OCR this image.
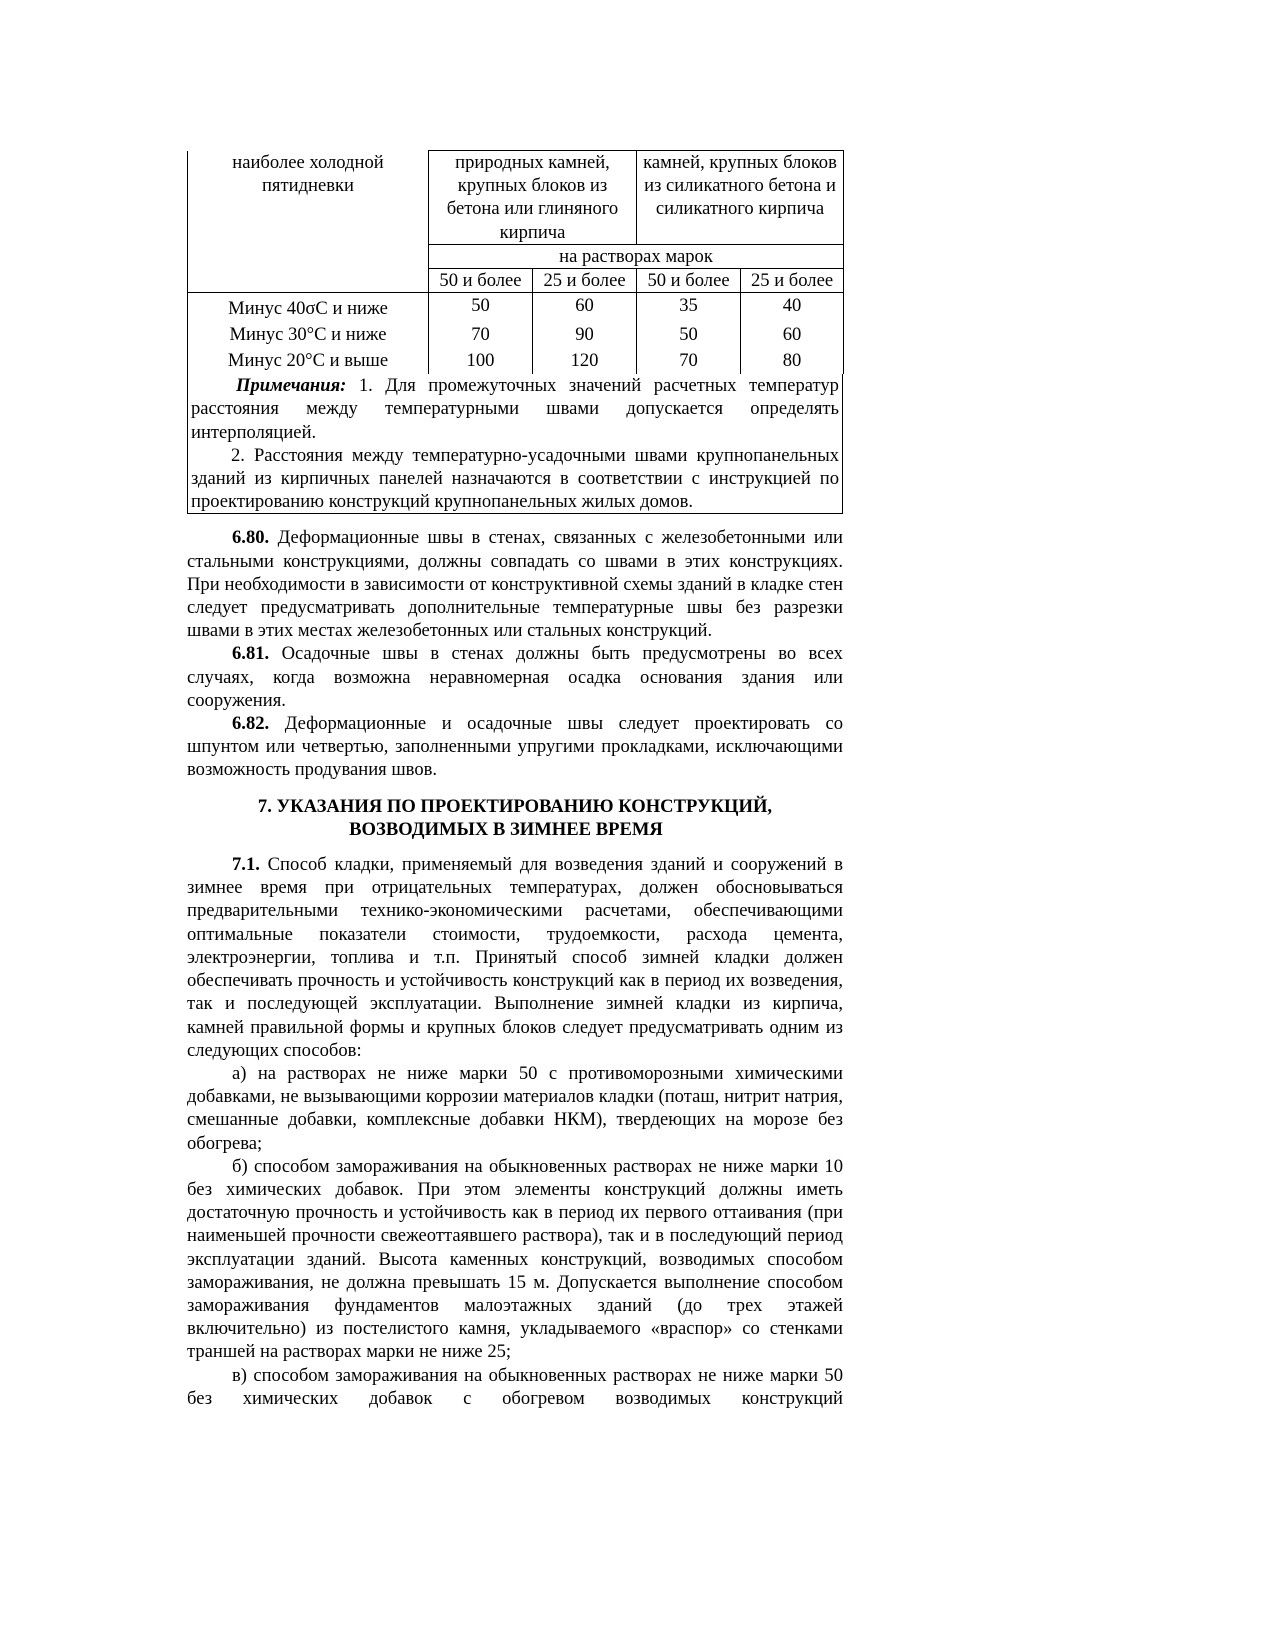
наиболее холодной
пятидневки	природных камней, крупных блоков из бетона или глиняного кирпича		камней, крупных блоков из силикатного бетона и силикатного кирпича	
	на растворах марок			
	50 и более	25 и более	50 и более	25 и более
Минус 40σС и ниже	50	60	35	40
Минус 30°С и ниже	70	90	50	60
Минус 20°С и выше	100	120	70	80

Примечания: 1. Для промежуточных значений расчетных температур расстояния между температурными швами допускается определять интерполяцией.

2. Расстояния между температурно-усадочными швами крупнопанельных зданий из кирпичных панелей назначаются в соответствии с инструкцией по проектированию конструкций крупнопанельных жилых домов.

6.80. Деформационные швы в стенах, связанных с железобетонными или стальными конструкциями, должны совпадать со швами в этих конструкциях. При необходимости в зависимости от конструктивной схемы зданий в кладке стен следует предусматривать дополнительные температурные швы без разрезки швами в этих местах железобетонных или стальных конструкций.

6.81. Осадочные швы в стенах должны быть предусмотрены во всех случаях, когда возможна неравномерная осадка основания здания или сооружения.

6.82. Деформационные и осадочные швы следует проектировать со шпунтом или четвертью, заполненными упругими прокладками, исключающими возможность продувания швов.

7. УКАЗАНИЯ ПО ПРОЕКТИРОВАНИЮ КОНСТРУКЦИЙ,

ВОЗВОДИМЫХ В ЗИМНЕЕ ВРЕМЯ

7.1. Способ кладки, применяемый для возведения зданий и сооружений в зимнее время при отрицательных температурах, должен обосновываться предварительными технико-экономическими расчетами, обеспечивающими оптимальные показатели стоимости, трудоемкости, расхода цемента, электроэнергии, топлива и т.п. Принятый способ зимней кладки должен обеспечивать прочность и устойчивость конструкций как в период их возведения, так и последующей эксплуатации. Выполнение зимней кладки из кирпича, камней правильной формы и крупных блоков следует предусматривать одним из следующих способов:

а) на растворах не ниже марки 50 с противоморозными химическими добавками, не вызывающими коррозии материалов кладки (поташ, нитрит натрия, смешанные добавки, комплексные добавки НКМ), твердеющих на морозе без обогрева;

б) способом замораживания на обыкновенных растворах не ниже марки 10 без химических добавок. При этом элементы конструкций должны иметь достаточную прочность и устойчивость как в период их первого оттаивания (при наименьшей прочности свежеоттаявшего раствора), так и в последующий период эксплуатации зданий. Высота каменных конструкций, возводимых способом замораживания, не должна превышать 15 м. Допускается выполнение способом замораживания фундаментов малоэтажных зданий (до трех этажей включительно) из постелистого камня, укладываемого «враспор» со стенками траншей на растворах марки не ниже 25;

в) способом замораживания на обыкновенных растворах не ниже марки 50 без химических добавок с обогревом возводимых конструкций
